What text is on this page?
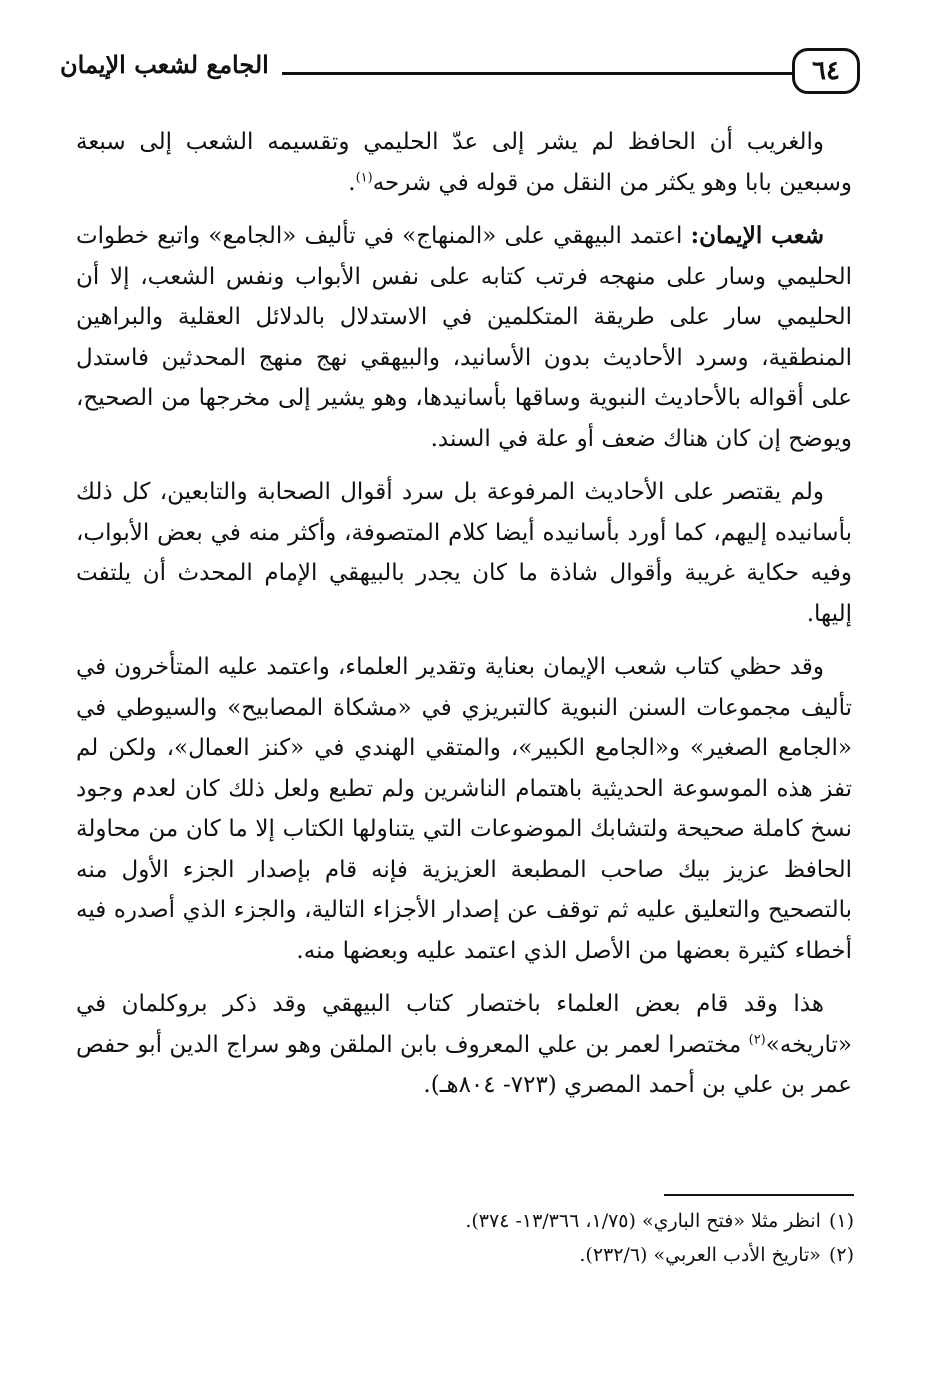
٦٤
الجامع لشعب الإيمان

والغريب أن الحافظ لم يشر إلى عدّ الحليمي وتقسيمه الشعب إلى سبعة وسبعين بابا وهو يكثر من النقل من قوله في شرحه$^{(١)}$.

شعب الإيمان: اعتمد البيهقي على «المنهاج» في تأليف «الجامع» واتبع خطوات الحليمي وسار على منهجه فرتب كتابه على نفس الأبواب ونفس الشعب، إلا أن الحليمي سار على طريقة المتكلمين في الاستدلال بالدلائل العقلية والبراهين المنطقية، وسرد الأحاديث بدون الأسانيد، والبيهقي نهج منهج المحدثين فاستدل على أقواله بالأحاديث النبوية وساقها بأسانيدها، وهو يشير إلى مخرجها من الصحيح، ويوضح إن كان هناك ضعف أو علة في السند.

ولم يقتصر على الأحاديث المرفوعة بل سرد أقوال الصحابة والتابعين، كل ذلك بأسانيده إليهم، كما أورد بأسانيده أيضا كلام المتصوفة، وأكثر منه في بعض الأبواب، وفيه حكاية غريبة وأقوال شاذة ما كان يجدر بالبيهقي الإمام المحدث أن يلتفت إليها.

وقد حظي كتاب شعب الإيمان بعناية وتقدير العلماء، واعتمد عليه المتأخرون في تأليف مجموعات السنن النبوية كالتبريزي في «مشكاة المصابيح» والسيوطي في «الجامع الصغير» و«الجامع الكبير»، والمتقي الهندي في «كنز العمال»، ولكن لم تفز هذه الموسوعة الحديثية باهتمام الناشرين ولم تطبع ولعل ذلك كان لعدم وجود نسخ كاملة صحيحة ولتشابك الموضوعات التي يتناولها الكتاب إلا ما كان من محاولة الحافظ عزيز بيك صاحب المطبعة العزيزية فإنه قام بإصدار الجزء الأول منه بالتصحيح والتعليق عليه ثم توقف عن إصدار الأجزاء التالية، والجزء الذي أصدره فيه أخطاء كثيرة بعضها من الأصل الذي اعتمد عليه وبعضها منه.

هذا وقد قام بعض العلماء باختصار كتاب البيهقي وقد ذكر بروكلمان في «تاريخه»$^{(٢)}$ مختصرا لعمر بن علي المعروف بابن الملقن وهو سراج الدين أبو حفص عمر بن علي بن أحمد المصري (٧٢٣- ٨٠٤هـ).

(١)انظر مثلا «فتح الباري» (١/٧٥، ١٣/٣٦٦- ٣٧٤).

(٢)«تاريخ الأدب العربي» (٢٣٢/٦).
